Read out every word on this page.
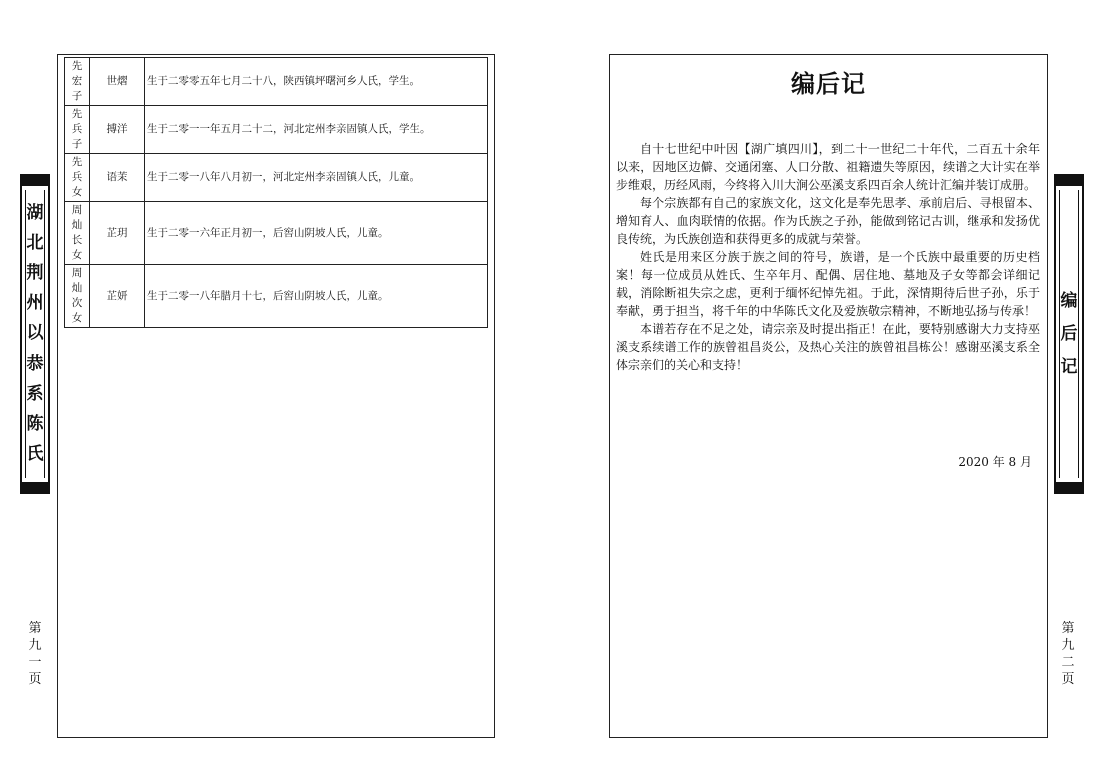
先宏子	世熠	生于二零零五年七月二十八，陕西镇坪曙河乡人氏，学生。
先兵子	搏洋	生于二零一一年五月二十二，河北定州李亲固镇人氏，学生。
先兵女	语茉	生于二零一八年八月初一，河北定州李亲固镇人氏，儿童。
周灿长女	芷玥	生于二零一六年正月初一，后窖山阴坡人氏，儿童。
周灿次女	芷妍	生于二零一八年腊月十七，后窖山阴坡人氏，儿童。
湖
北
荆
州
以
恭
系
陈
氏
第
九
一
页
编后记

自十七世纪中叶因【湖广填四川】，到二十一世纪二十年代，二百五十余年以来，因地区边僻、交通闭塞、人口分散、祖籍遗失等原因，续谱之大计实在举步维艰，历经风雨，今终将入川大涧公巫溪支系四百余人统计汇编并装订成册。

每个宗族都有自己的家族文化，这文化是奉先思孝、承前启后、寻根留本、增知育人、血肉联情的依据。作为氏族之子孙，能做到铭记古训，继承和发扬优良传统，为氏族创造和获得更多的成就与荣誉。

姓氏是用来区分族于族之间的符号，族谱，是一个氏族中最重要的历史档案！每一位成员从姓氏、生卒年月、配偶、居住地、墓地及子女等都会详细记载，消除断祖失宗之虑，更利于缅怀纪悼先祖。于此，深情期待后世子孙，乐于奉献，勇于担当，将千年的中华陈氏文化及爱族敬宗精神，不断地弘扬与传承！

本谱若存在不足之处，请宗亲及时提出指正！在此，要特别感谢大力支持巫溪支系续谱工作的族曾祖昌炎公，及热心关注的族曾祖昌栋公！感谢巫溪支系全体宗亲们的关心和支持！

2020 年 8 月
编
后
记
第
九
二
页
